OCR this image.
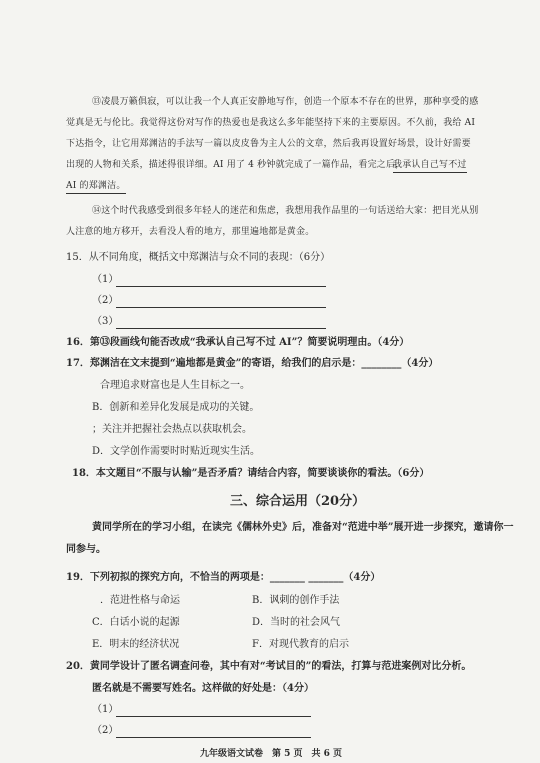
⑬凌晨万籁俱寂，可以让我一个人真正安静地写作，创造一个原本不存在的世界，那种享受的感
觉真是无与伦比。我觉得这份对写作的热爱也是我这么多年能坚持下来的主要原因。不久前，我给 AI
下达指令，让它用郑渊洁的手法写一篇以皮皮鲁为主人公的文章，然后我再设置好场景，设计好需要
出现的人物和关系，描述得很详细。AI 用了 4 秒钟就完成了一篇作品，看完之后，
我承认自己写不过
AI 的郑渊洁。
⑭这个时代我感受到很多年轻人的迷茫和焦虑，我想用我作品里的一句话送给大家：把目光从别
人注意的地方移开，去看没人看的地方，那里遍地都是黄金。
15．从不同角度，概括文中郑渊洁与众不同的表现：（6分）
（1）
（2）
（3）
16．第⑬段画线句能否改成“我承认自己写不过 AI”？简要说明理由。（4分）
17．郑渊洁在文末提到“遍地都是黄金”的寄语，给我们的启示是：________（4分）
合理追求财富也是人生目标之一。
B．创新和差异化发展是成功的关键。
；关注并把握社会热点以获取机会。
D．文学创作需要时时贴近现实生活。
18．本文题目“不服与认输”是否矛盾？请结合内容，简要谈谈你的看法。（6分）
三、综合运用（20分）
黄同学所在的学习小组，在读完《儒林外史》后，准备对“范进中举”展开进一步探究，邀请你一
同参与。
19．下列初拟的探究方向，不恰当的两项是：_______ _______（4分）
．范进性格与命运	B．讽刺的创作手法
C．白话小说的起源	D．当时的社会风气
E．明末的经济状况	F．对现代教育的启示
20．黄同学设计了匿名调查问卷，其中有对“考试目的”的看法，打算与范进案例对比分析。
匿名就是不需要写姓名。这样做的好处是：（4分）
（1）
（2）
九年级语文试卷　第 5 页　共 6 页
